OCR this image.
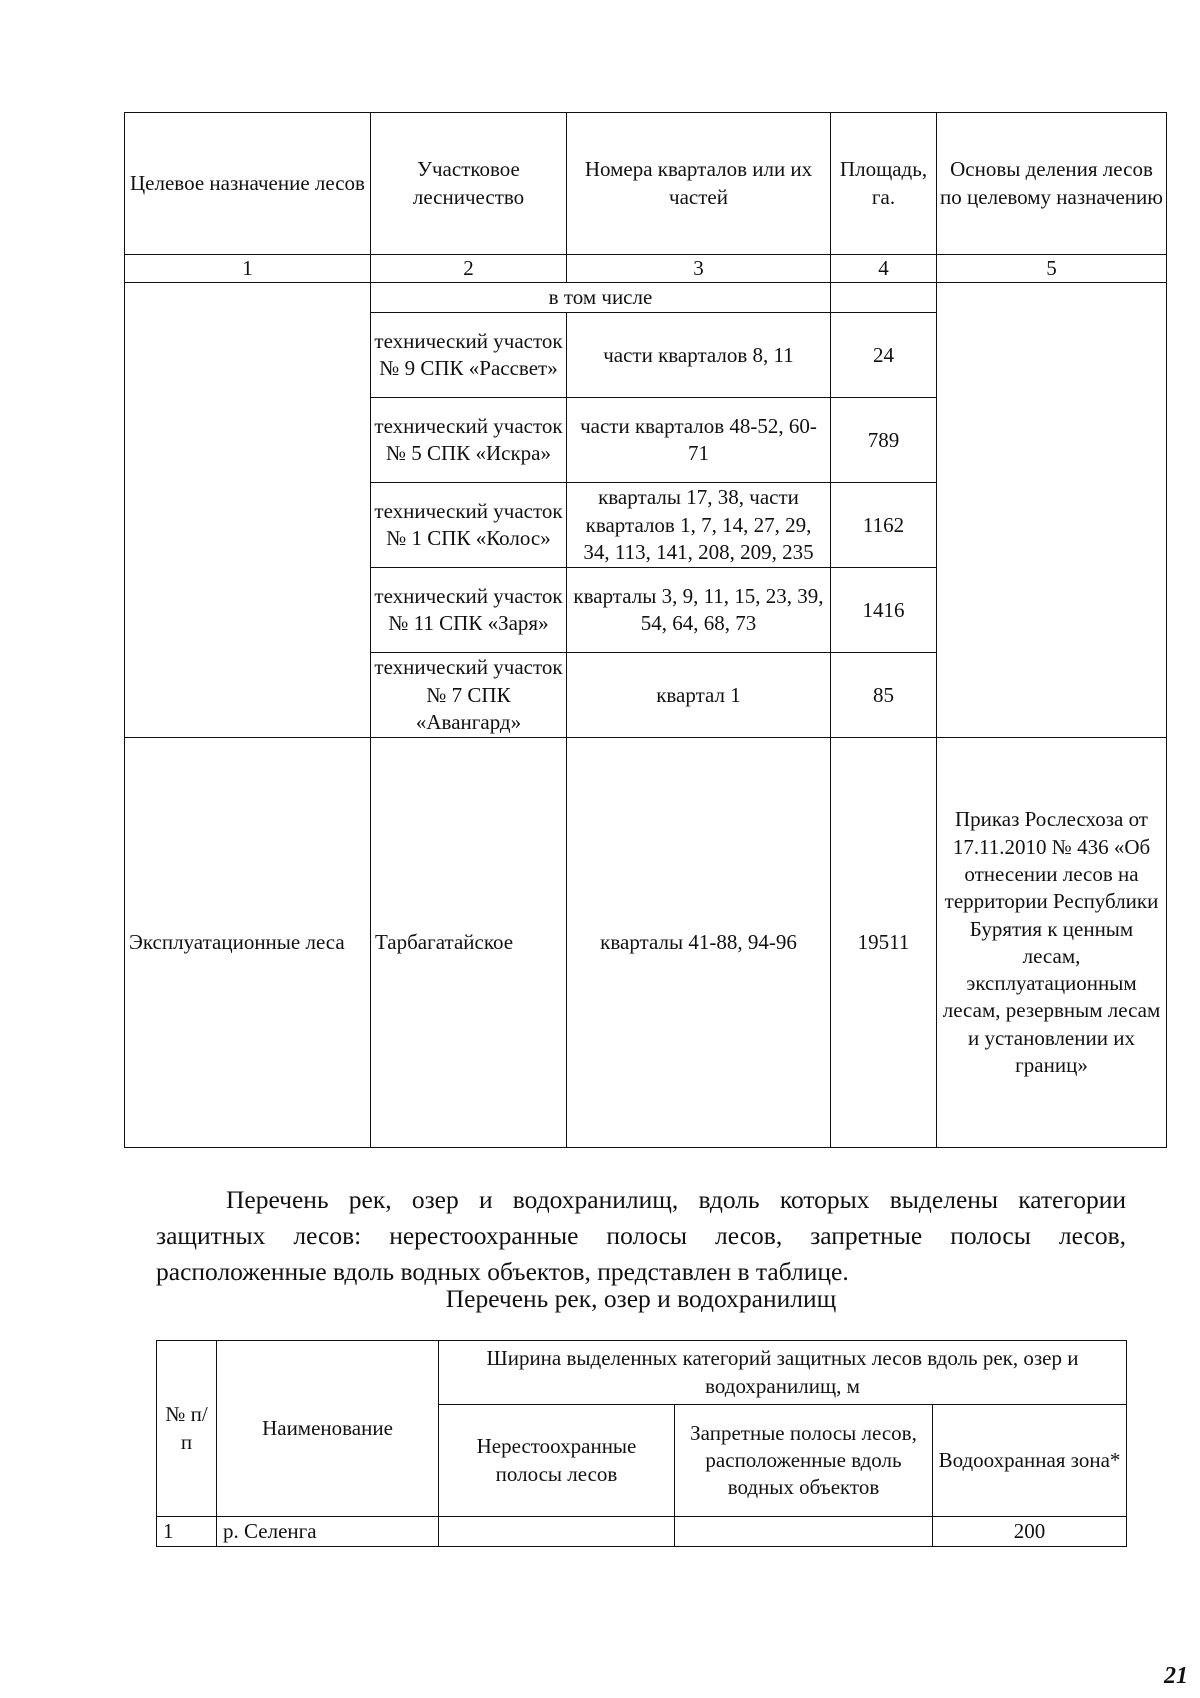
Целевое назначение лесов	Участковое лесничество	Номера кварталов или их частей	Площадь, га.	Основы деления лесов по целевому назначению
1	2	3	4	5
	в том числе			
	технический участок № 9 СПК «Рассвет»	части кварталов 8, 11	24	
	технический участок № 5 СПК «Искра»	части кварталов 48-52, 60-71	789	
	технический участок № 1 СПК «Колос»	кварталы 17, 38, части кварталов 1, 7, 14, 27, 29, 34, 113, 141, 208, 209, 235	1162	
	технический участок № 11 СПК «Заря»	кварталы 3, 9, 11, 15, 23, 39, 54, 64, 68, 73	1416	
	технический участок № 7 СПК «Авангард»	квартал 1	85	
Эксплуатационные леса	Тарбагатайское	кварталы 41-88, 94-96	19511	Приказ Рослесхоза от 17.11.2010 № 436 «Об отнесении лесов на территории Республики Бурятия к ценным лесам, эксплуатационным лесам, резервным лесам и установлении их границ»

Перечень рек, озер и водохранилищ, вдоль которых выделены категории защитных лесов: нерестоохранные полосы лесов, запретные полосы лесов, расположенные вдоль водных объектов, представлен в таблице.

Перечень рек, озер и водохранилищ
№ п/п	Наименование	Ширина выделенных категорий защитных лесов вдоль рек, озер и водохранилищ, м		
		Нерестоохранные полосы лесов	Запретные полосы лесов, расположенные вдоль водных объектов	Водоохранная зона*
1	р. Селенга			200
21
